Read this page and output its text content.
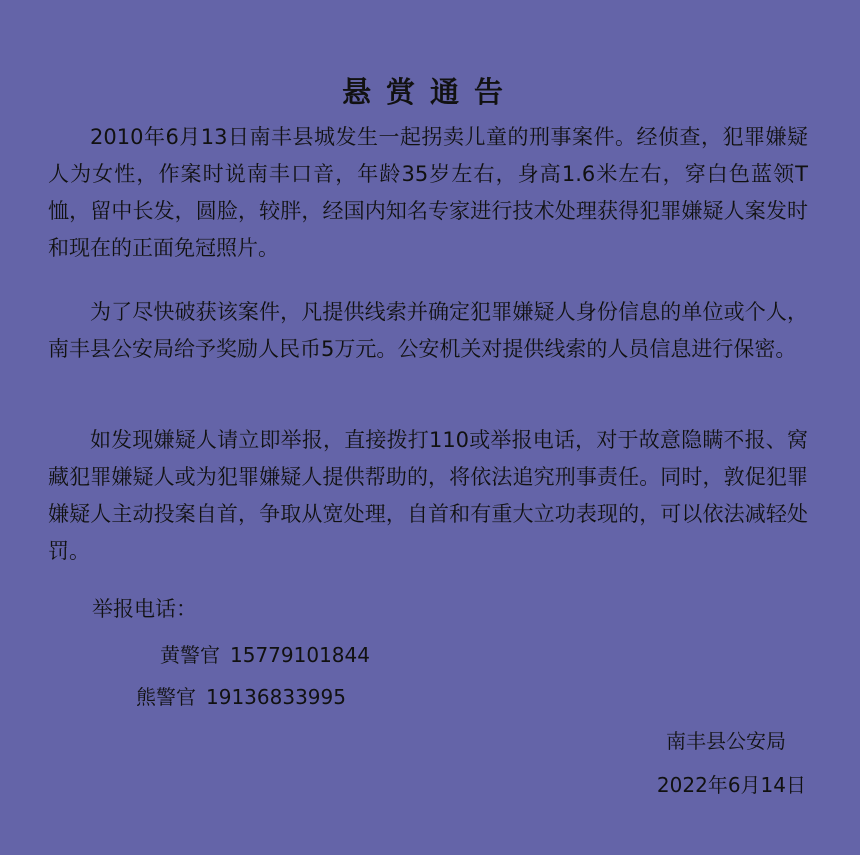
悬赏通告

2010年6月13日南丰县城发生一起拐卖儿童的刑事案件。经侦查，犯罪嫌疑人为女性，作案时说南丰口音，年龄35岁左右，身高1.6米左右，穿白色蓝领T恤，留中长发，圆脸，较胖，经国内知名专家进行技术处理获得犯罪嫌疑人案发时和现在的正面免冠照片。

为了尽快破获该案件，凡提供线索并确定犯罪嫌疑人身份信息的单位或个人，南丰县公安局给予奖励人民币5万元。公安机关对提供线索的人员信息进行保密。

如发现嫌疑人请立即举报，直接拨打110或举报电话，对于故意隐瞒不报、窝藏犯罪嫌疑人或为犯罪嫌疑人提供帮助的，将依法追究刑事责任。同时，敦促犯罪嫌疑人主动投案自首，争取从宽处理，自首和有重大立功表现的，可以依法减轻处罚。

举报电话：
黄警官 15779101844
熊警官 19136833995
南丰县公安局
2022年6月14日
